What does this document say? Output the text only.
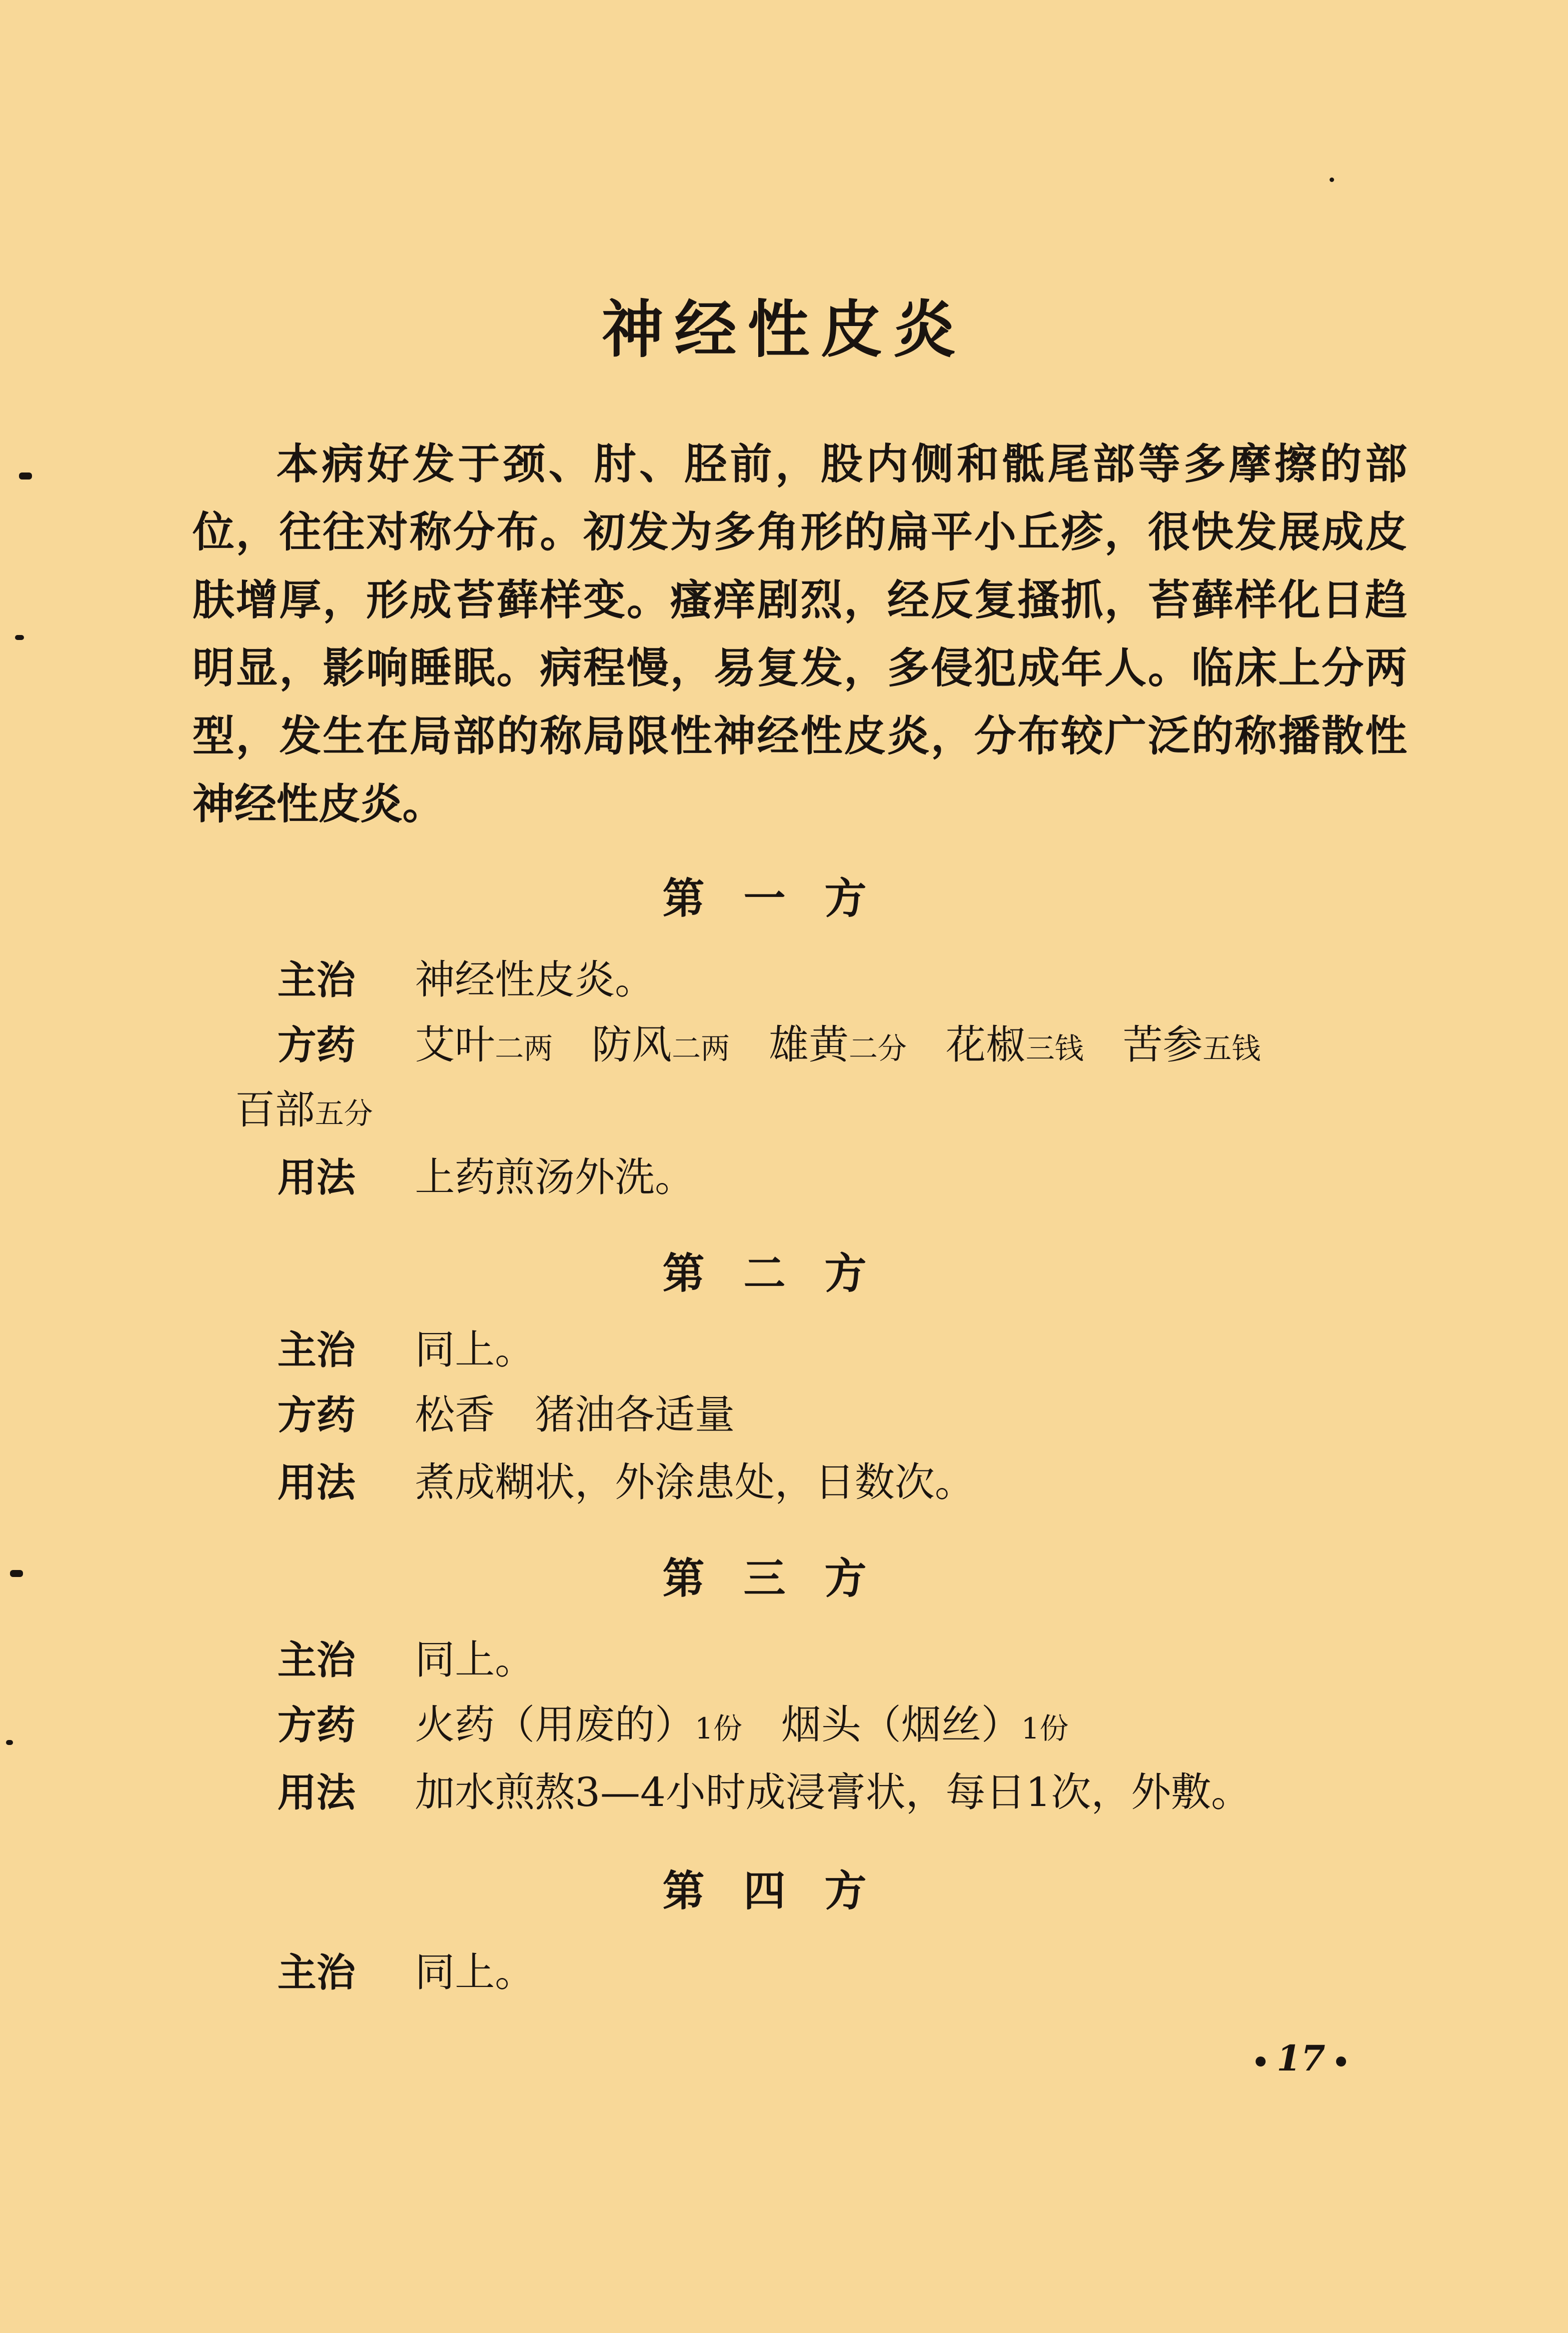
神经性皮炎
本病好发于颈、肘、胫前，股内侧和骶尾部等多摩擦的部位，往往对称分布。初发为多角形的扁平小丘疹，很快发展成皮肤增厚，形成苔藓样变。瘙痒剧烈，经反复搔抓，苔藓样化日趋明显，影响睡眠。病程慢，易复发，多侵犯成年人。临床上分两型，发生在局部的称局限性神经性皮炎，分布较广泛的称播散性神经性皮炎。
第一方
主治 神经性皮炎。
方药 艾叶二两 防风二两 雄黄二分 花椒三钱 苦参五钱
百部五分
用法 上药煎汤外洗。
第二方
主治 同上。
方药 松香　猪油各适量
用法 煮成糊状，外涂患处，日数次。
第三方
主治 同上。
方药 火药（用废的）1份 烟头（烟丝）1份
用法 加水煎熬3—4小时成浸膏状，每日1次，外敷。
第四方
主治 同上。
17
